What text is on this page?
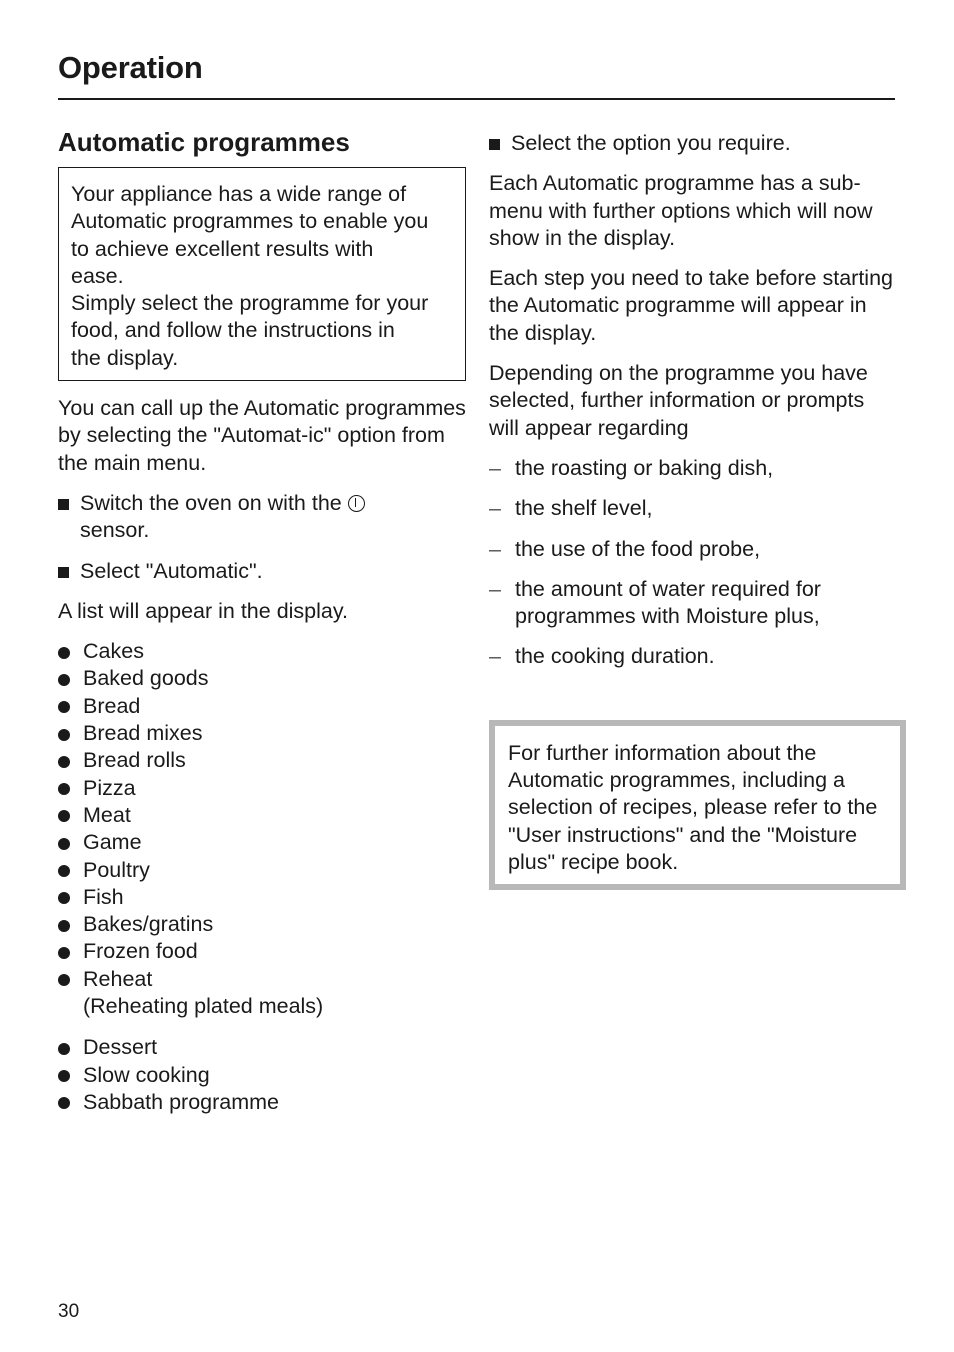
Operation
Automatic programmes
Your appliance has a wide range of
Automatic programmes to enable you
to achieve excellent results with
ease.
Simply select the programme for your
food, and follow the instructions in
the display.

You can call up the Automatic programmes by selecting the "Automat-ic" option from the main menu.

Switch the oven on with the
sensor.
Select "Automatic".

A list will appear in the display.

Cakes
Baked goods
Bread
Bread mixes
Bread rolls
Pizza
Meat
Game
Poultry
Fish
Bakes/gratins
Frozen food
Reheat
(Reheating plated meals)
Dessert
Slow cooking
Sabbath programme
Select the option you require.

Each Automatic programme has a sub-menu with further options which will now show in the display.

Each step you need to take before starting the Automatic programme will appear in the display.

Depending on the programme you have selected, further information or prompts will appear regarding

– the roasting or baking dish,
– the shelf level,
– the use of the food probe,
– the amount of water required for programmes with Moisture plus,
– the cooking duration.
For further information about the Automatic programmes, including a selection of recipes, please refer to the "User instructions" and the "Moisture plus" recipe book.
30
